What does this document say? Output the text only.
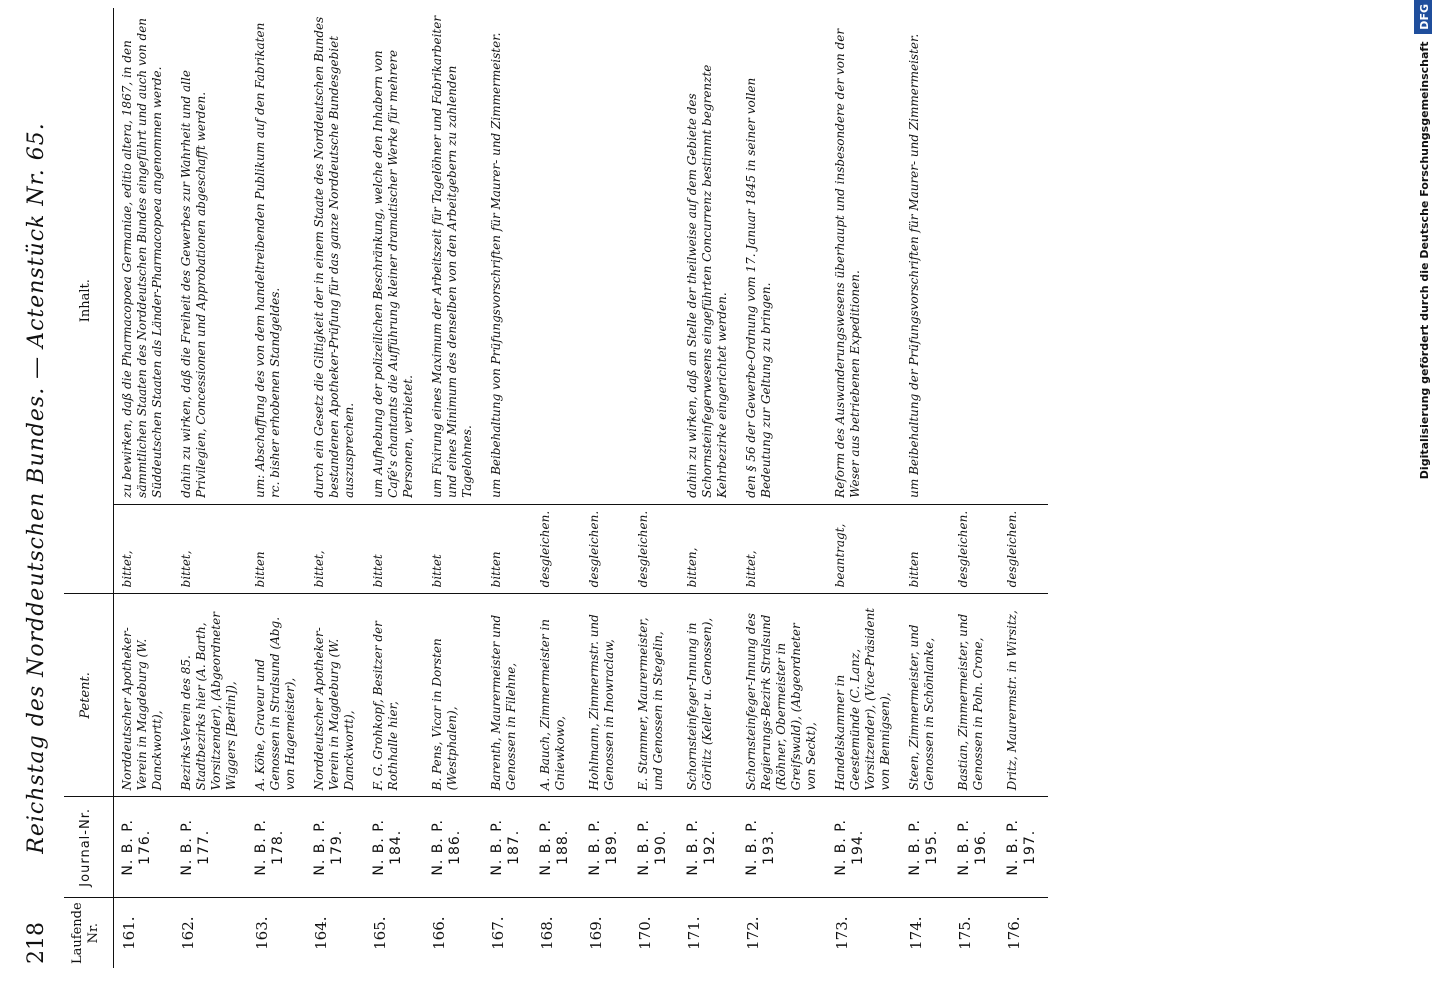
218
Reichstag des Norddeutschen Bundes. — Actenstück Nr. 65.
Laufende Nr.	Journal-Nr.	Petent.	Inhalt.	
161.	N. B. P. 176.	Norddeutscher Apotheker-Verein in Magdeburg (W. Danckwortt),	bittet,	zu bewirken, daß die Pharmacopoea Germaniae, editio altera, 1867, in den sämmtlichen Staaten des Norddeutschen Bundes eingeführt und auch von den Süddeutschen Staaten als Länder-Pharmacopoea angenommen werde.
162.	N. B. P. 177.	Bezirks-Verein des 85. Stadtbezirks hier (A. Barth, Vorsitzender), (Abgeordneter Wiggers [Berlin]),	bittet,	dahin zu wirken, daß die Freiheit des Gewerbes zur Wahrheit und alle Privilegien, Concessionen und Approbationen abgeschafft werden.
163.	N. B. P. 178.	A. Köhe, Graveur und Genossen in Stralsund (Abg. von Hagemeister),	bitten	um: Abschaffung des von dem handeltreibenden Publikum auf den Fabrikaten rc. bisher erhobenen Standgeldes.
164.	N. B. P. 179.	Norddeutscher Apotheker-Verein in Magdeburg (W. Danckwortt),	bittet,	durch ein Gesetz die Giltigkeit der in einem Staate des Norddeutschen Bundes bestandenen Apotheker-Prüfung für das ganze Norddeutsche Bundesgebiet auszusprechen.
165.	N. B. P. 184.	F. G. Grohkopf, Besitzer der Rothhalle hier,	bittet	um Aufhebung der polizeilichen Beschränkung, welche den Inhabern von Café's chantants die Aufführung kleiner dramatischer Werke für mehrere Personen, verbietet.
166.	N. B. P. 186.	B. Pens, Vicar in Dorsten (Westphalen),	bittet	um Fixirung eines Maximum der Arbeitszeit für Tagelöhner und Fabrikarbeiter und eines Minimum des denselben von den Arbeitgebern zu zahlenden Tagelohnes.
167.	N. B. P. 187.	Barenth, Maurermeister und Genossen in Filehne,	bitten	um Beibehaltung von Prüfungsvorschriften für Maurer- und Zimmermeister.
168.	N. B. P. 188.	A. Bauch, Zimmermeister in Gniewkowo,	desgleichen.	
169.	N. B. P. 189.	Hohlmann, Zimmermstr. und Genossen in Inowraclaw,	desgleichen.	
170.	N. B. P. 190.	E. Stammer, Maurermeister, und Genossen in Stegelin,	desgleichen.	
171.	N. B. P. 192.	Schornsteinfeger-Innung in Görlitz (Keller u. Genossen),	bitten,	dahin zu wirken, daß an Stelle der theilweise auf dem Gebiete des Schornsteinfegerwesens eingeführten Concurrenz bestimmt begrenzte Kehrbezirke eingerichtet werden.
172.	N. B. P. 193.	Schornsteinfeger-Innung des Regierungs-Bezirk Stralsund (Röhner, Obermeister in Greifswald), (Abgeordneter von Seckt),	bittet,	den § 56 der Gewerbe-Ordnung vom 17. Januar 1845 in seiner vollen Bedeutung zur Geltung zu bringen.
173.	N. B. P. 194.	Handelskammer in Geestemünde (C. Lanz, Vorsitzender), (Vice-Präsident von Bennigsen),	beantragt,	Reform des Auswanderungswesens überhaupt und insbesondere der von der Weser aus betriebenen Expeditionen.
174.	N. B. P. 195.	Steen, Zimmermeister, und Genossen in Schönlanke,	bitten	um Beibehaltung der Prüfungsvorschriften für Maurer- und Zimmermeister.
175.	N. B. P. 196.	Bastian, Zimmermeister, und Genossen in Poln. Crone,	desgleichen.	
176.	N. B. P. 197.	Dritz, Maurermstr. in Wirsitz,	desgleichen.	
Digitalisierung gefördert durch die Deutsche Forschungsgemeinschaft DFG
